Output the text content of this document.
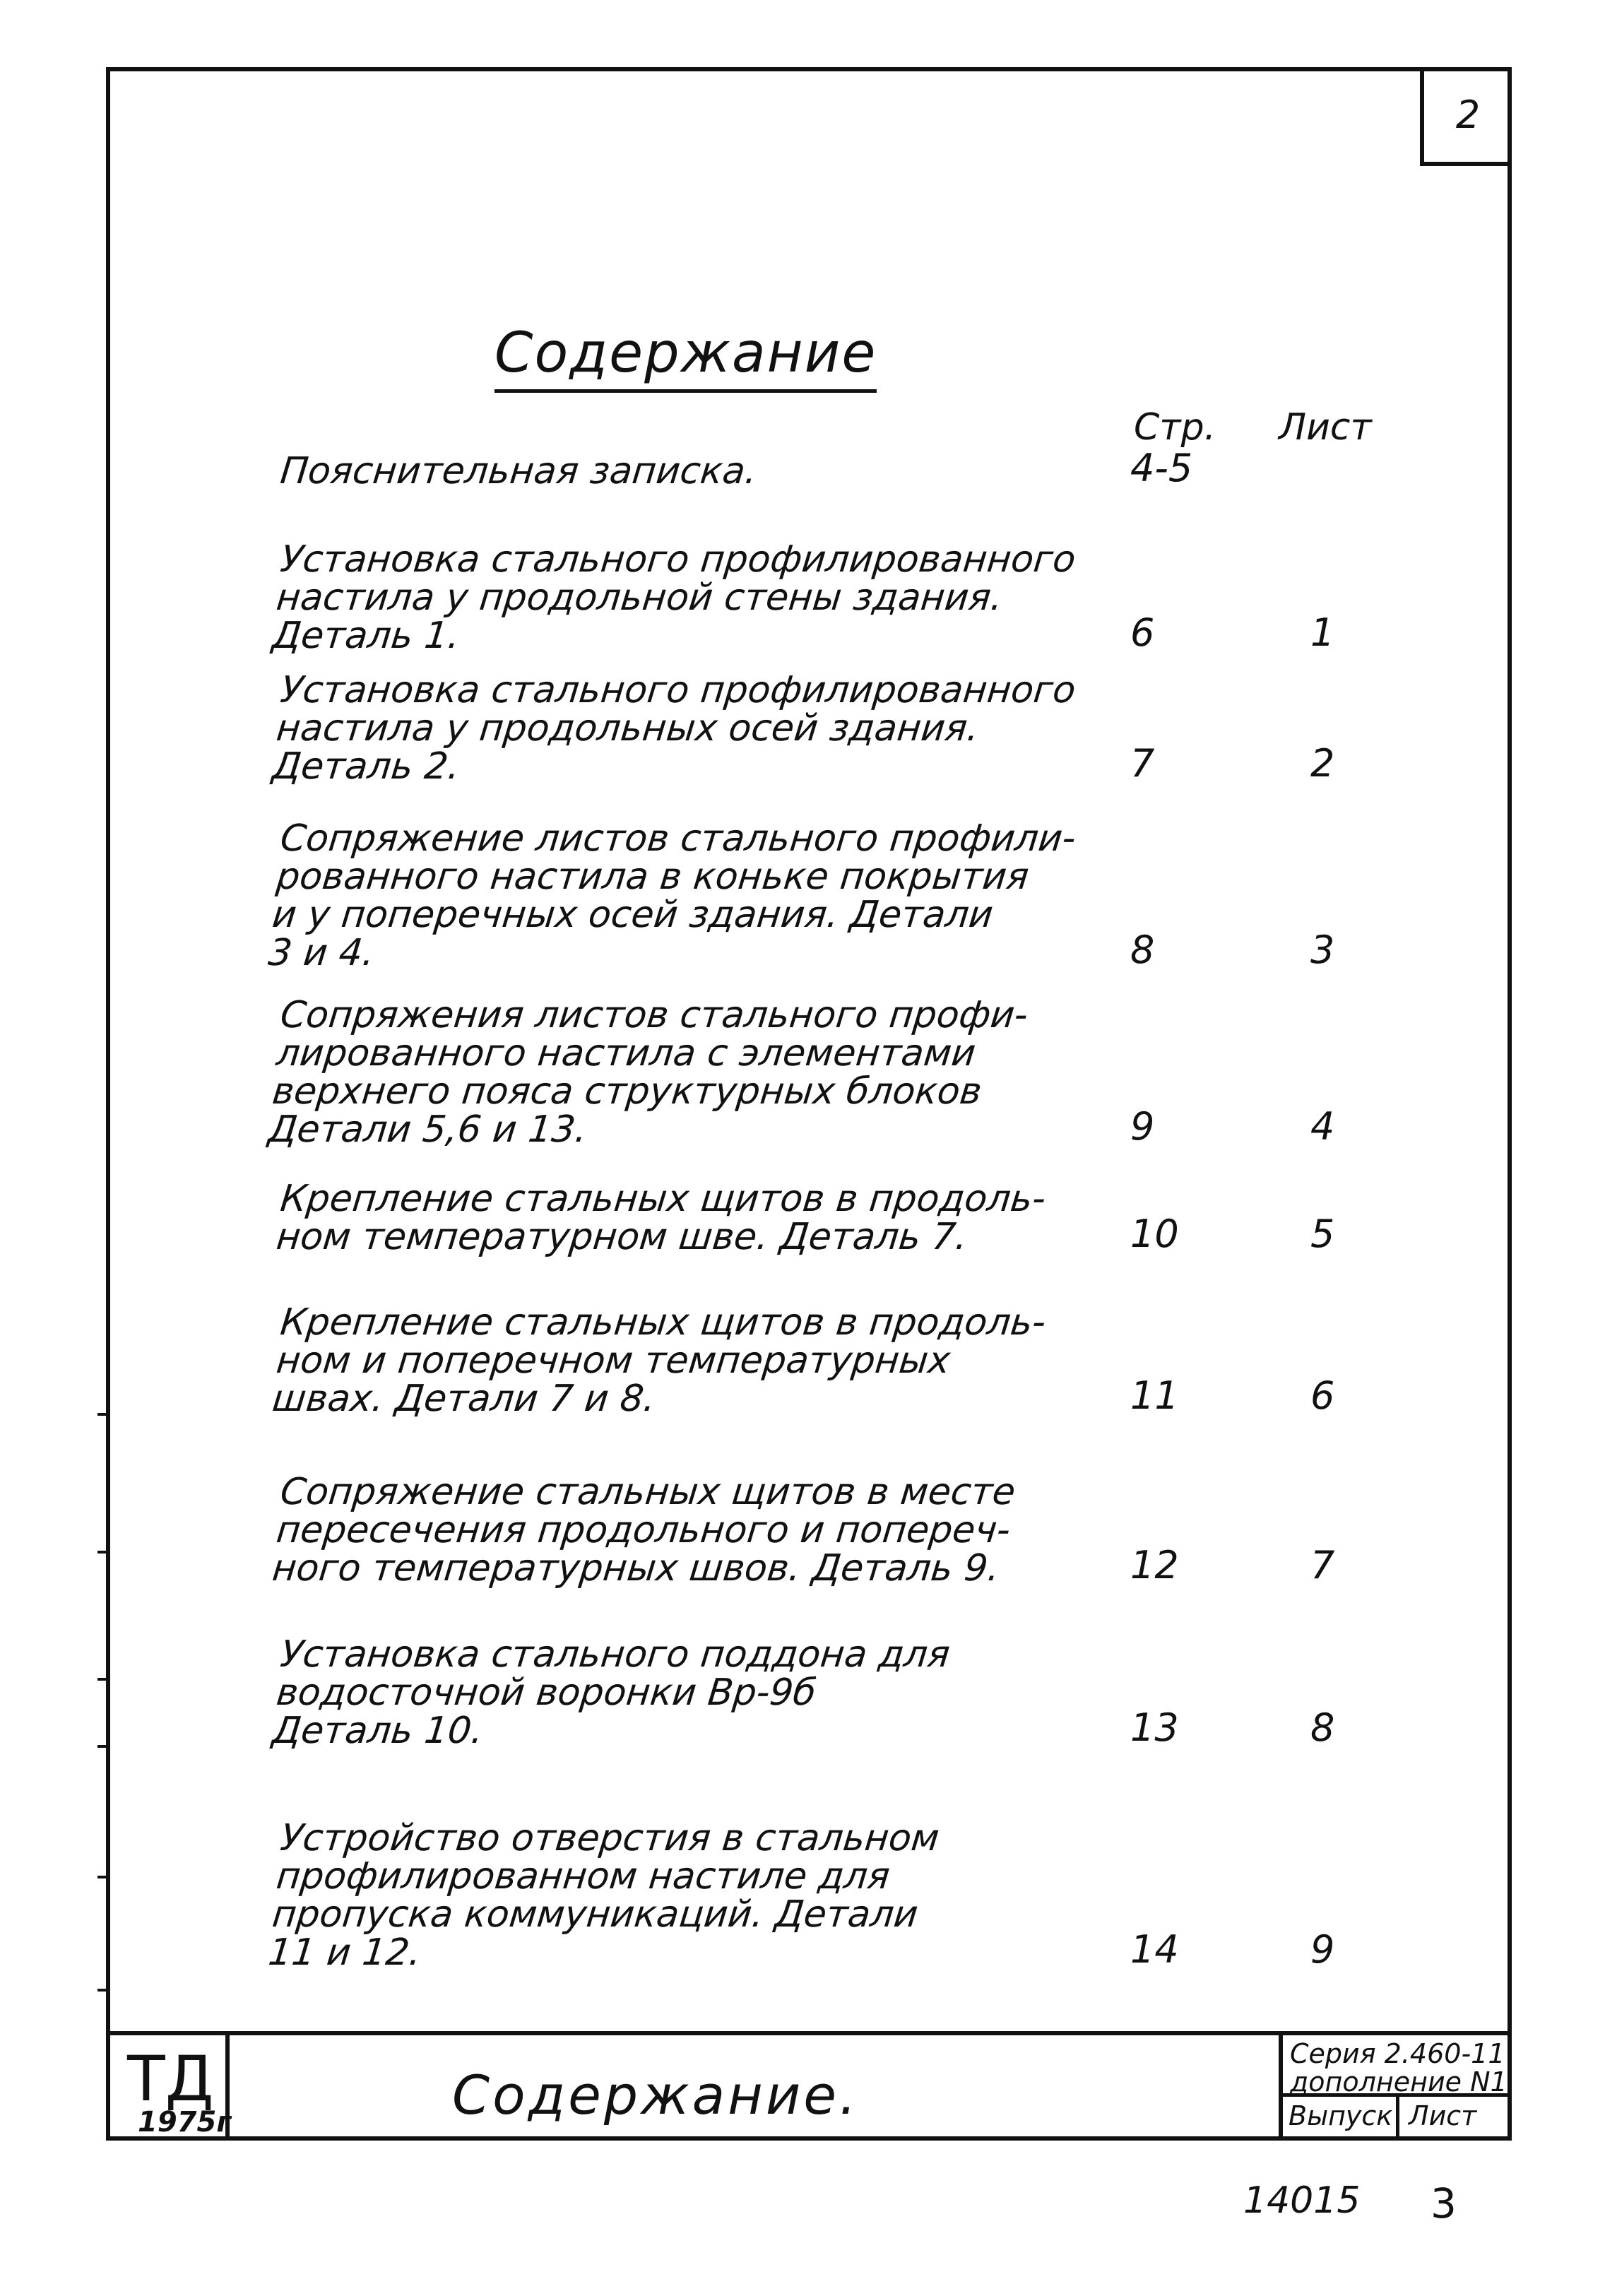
2
Содержание
Стр. Лист
Пояснительная записка.	4-5
Установка стального профилированного
настила у продольной стены здания.
Деталь 1.	6	1
Установка стального профилированного
настила у продольных осей здания.
Деталь 2.	7	2
Сопряжение листов стального профили-
рованного настила в коньке покрытия
и у поперечных осей здания. Детали
3 и 4.	8	3
Сопряжения листов стального профи-
лированного настила с элементами
верхнего пояса структурных блоков
Детали 5,6 и 13.	9	4
Крепление стальных щитов в продоль-
ном температурном шве. Деталь 7.	10	5
Крепление стальных щитов в продоль-
ном и поперечном температурных
швах. Детали 7 и 8.	11	6
Сопряжение стальных щитов в месте
пересечения продольного и попереч-
ного температурных швов. Деталь 9.	12	7
Установка стального поддона для
водосточной воронки Вр-9б
Деталь 10.	13	8
Устройство отверстия в стальном
профилированном настиле для
пропуска коммуникаций. Детали
11 и 12.	14	9
ТД
1975г	Содержание.
Серия 2.460-11
дополнение N1
Выпуск Лист
14015 3
